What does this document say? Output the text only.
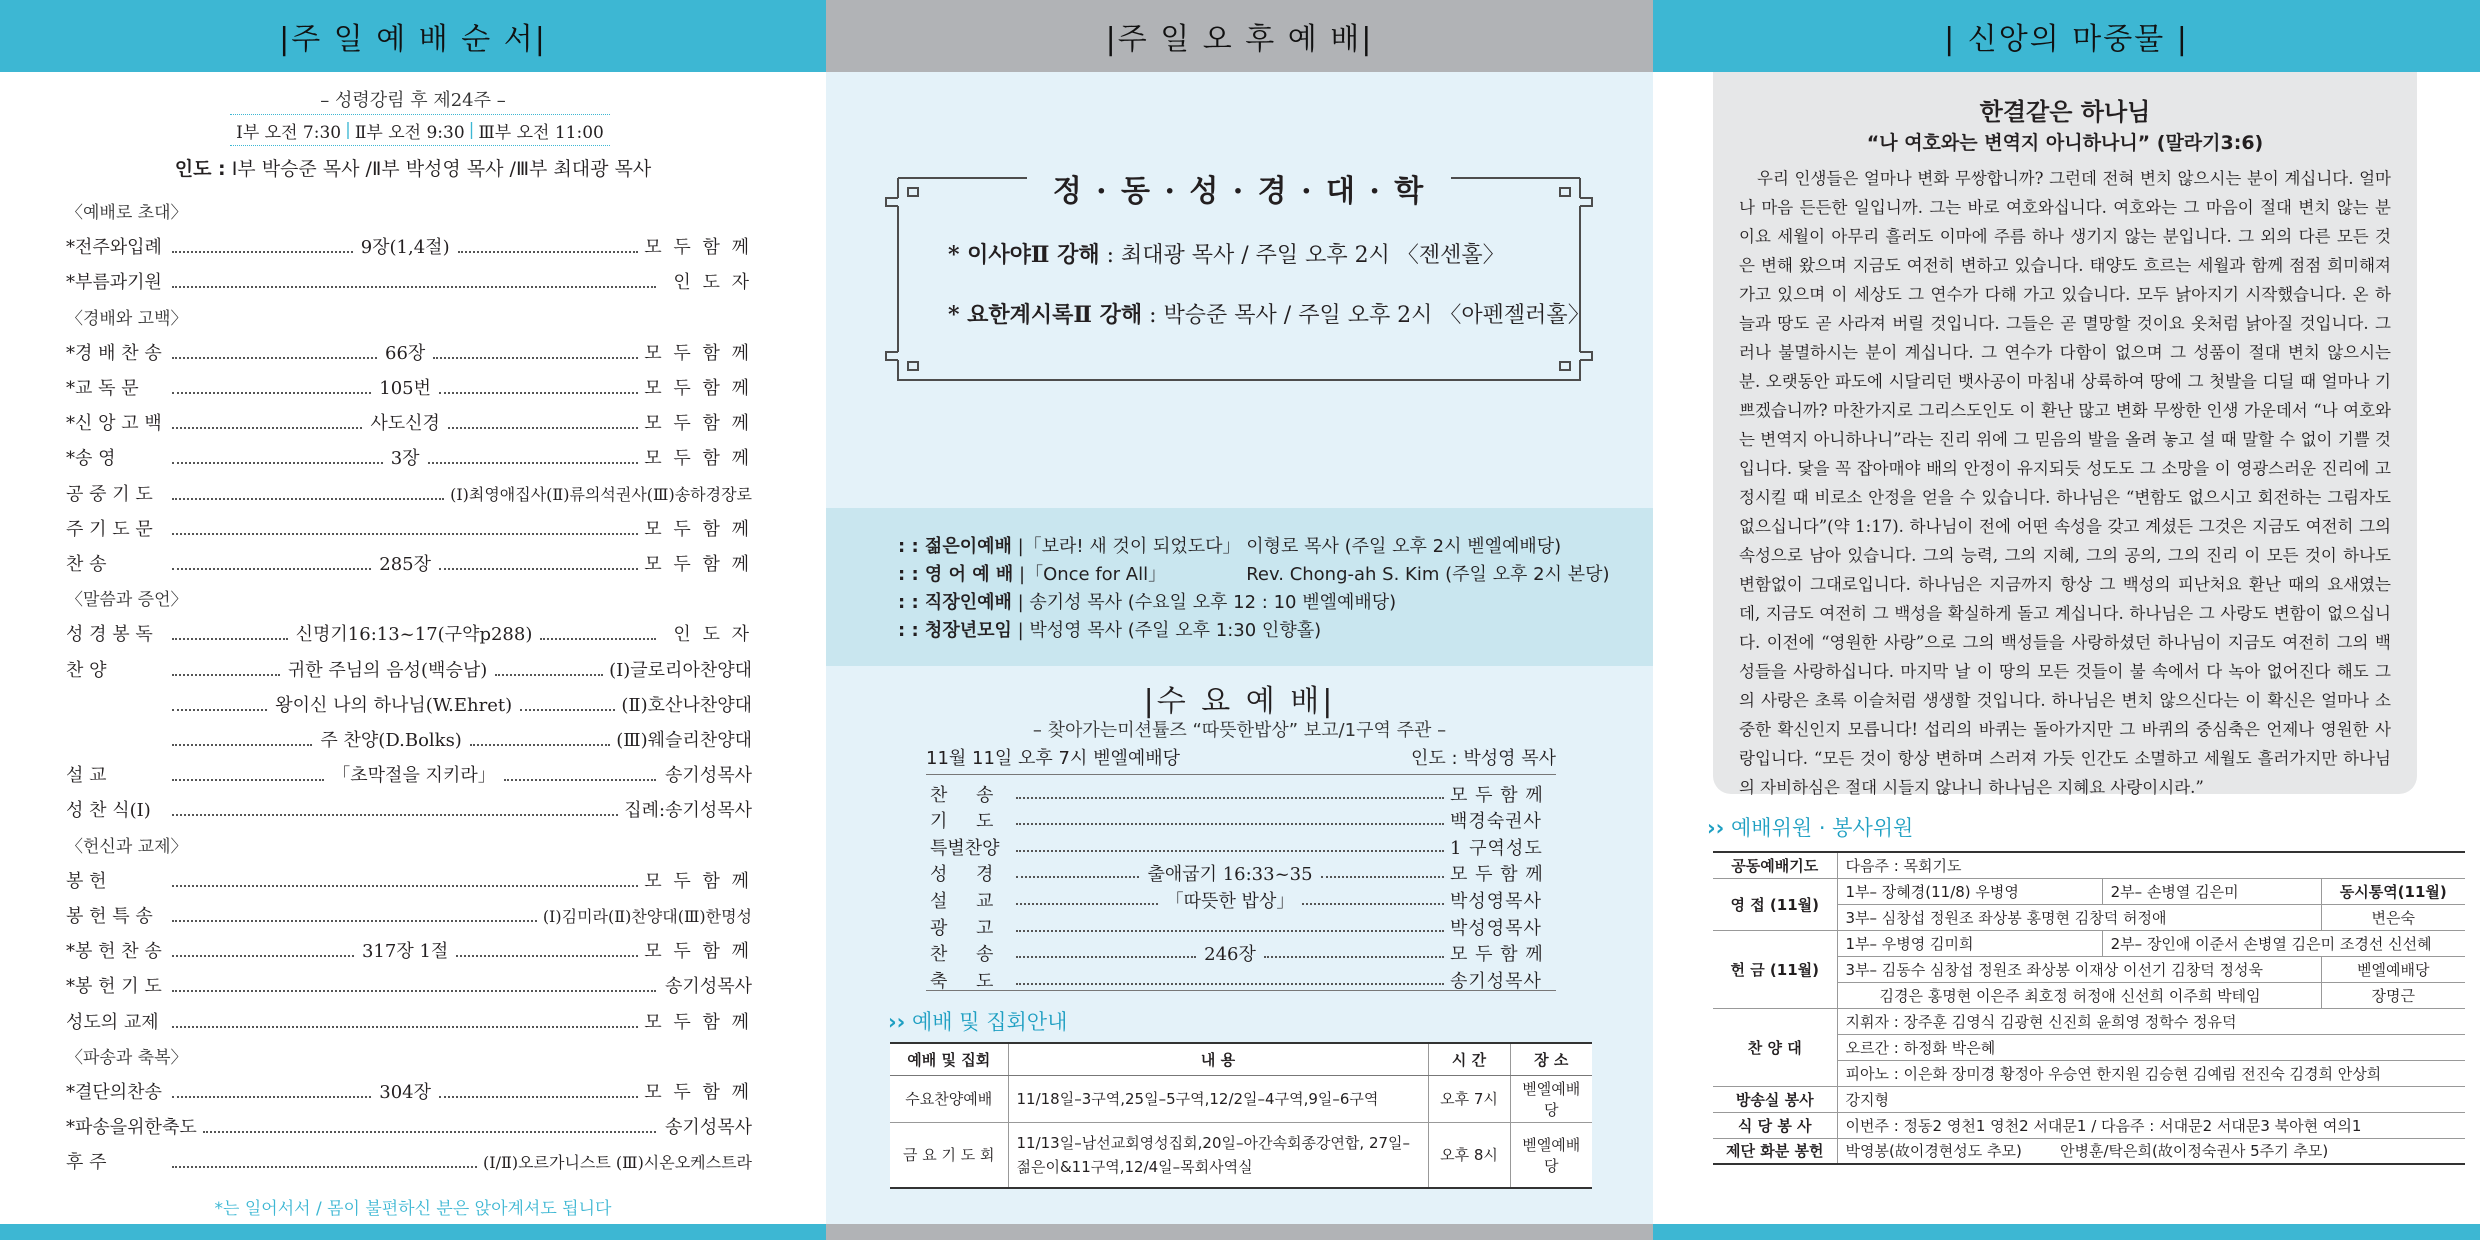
|주 일 예 배 순 서|
– 성령강림 후 제24주 –
Ⅰ부 오전 7:30 | Ⅱ부 오전 9:30 | Ⅲ부 오전 11:00
인도 : Ⅰ부 박승준 목사 /Ⅱ부 박성영 목사 /Ⅲ부 최대광 목사
〈예배로 초대〉
*전주와입례	9장(1,4절)	모 두 함 께
*부름과기원	인 도 자
〈경배와 고백〉
*경 배 찬 송	66장	모 두 함 께
*교 독 문	105번	모 두 함 께
*신 앙 고 백	사도신경	모 두 함 께
*송 영	3장	모 두 함 께
공 중 기 도	(Ⅰ)최영애집사(Ⅱ)류의석권사(Ⅲ)송하경장로
주 기 도 문	모 두 함 께
찬 송	285장	모 두 함 께
〈말씀과 증언〉
성 경 봉 독	신명기16:13~17(구약p288)	인 도 자
찬 양	귀한 주님의 음성(백승남)	(Ⅰ)글로리아찬양대
왕이신 나의 하나님(W.Ehret)	(Ⅱ)호산나찬양대
주 찬양(D.Bolks)	(Ⅲ)웨슬리찬양대
설 교	「초막절을 지키라」	송기성목사
성 찬 식(Ⅰ)	집례:송기성목사
〈헌신과 교제〉
봉 헌	모 두 함 께
봉 헌 특 송	(Ⅰ)김미라(Ⅱ)찬양대(Ⅲ)한명성
*봉 헌 찬 송	317장 1절	모 두 함 께
*봉 헌 기 도	송기성목사
성도의 교제	모 두 함 께
〈파송과 축복〉
*결단의찬송	304장	모 두 함 께
*파송을위한축도	송기성목사
후 주	(Ⅰ/Ⅱ)오르가니스트 (Ⅲ)시온오케스트라
*는 일어서서 / 몸이 불편하신 분은 앉아계셔도 됩니다
|주 일 오 후 예 배|
정 · 동 · 성 · 경 · 대 · 학
* 이사야Ⅱ 강해 : 최대광 목사 / 주일 오후 2시 〈젠센홀〉
* 요한계시록Ⅱ 강해 : 박승준 목사 / 주일 오후 2시 〈아펜젤러홀〉
: : 젊은이예배 |「보라! 새 것이 되었도다」 이형로 목사 (주일 오후 2시 벧엘예배당)
: : 영 어 예 배 |「Once for All」              Rev. Chong-ah S. Kim (주일 오후 2시 본당)
: : 직장인예배 | 송기성 목사 (수요일 오후 12 : 10 벧엘예배당)
: : 청장년모임 | 박성영 목사 (주일 오후 1:30 인향홀)
|수 요 예 배|
– 찾아가는미션튤즈 “따뜻한밥상” 보고/1구역 주관 –
11월 11일 오후 7시 벧엘예배당	인도 : 박성영 목사
찬     송	모 두 함 께
기     도	백경숙권사
특별찬양	1 구역성도
성     경	출애굽기 16:33~35	모 두 함 께
설     교	「따뜻한 밥상」	박성영목사
광     고	박성영목사
찬     송	246장	모 두 함 께
축     도	송기성목사
›› 예배 및 집회안내
예배 및 집회	내 용	시 간	장 소
수요찬양예배	11/18일–3구역,25일–5구역,12/2일–4구역,9일–6구역	오후 7시	벧엘예배당
금 요 기 도 회	11/13일–남선교회영성집회,20일–아간속회종강연합, 27일–젊은이&11구역,12/4일–목회사역실	오후 8시	벧엘예배당
| 신앙의 마중물 |
한결같은 하나님
“나 여호와는 변역지 아니하나니” (말라기3:6)
우리 인생들은 얼마나 변화 무쌍합니까? 그런데 전혀 변치 않으시는 분이 계십니다. 얼마나 마음 든든한 일입니까. 그는 바로 여호와십니다. 여호와는 그 마음이 절대 변치 않는 분이요 세월이 아무리 흘러도 이마에 주름 하나 생기지 않는 분입니다. 그 외의 다른 모든 것은 변해 왔으며 지금도 여전히 변하고 있습니다. 태양도 흐르는 세월과 함께 점점 희미해져 가고 있으며 이 세상도 그 연수가 다해 가고 있습니다. 모두 낡아지기 시작했습니다. 온 하늘과 땅도 곧 사라져 버릴 것입니다. 그들은 곧 멸망할 것이요 옷처럼 낡아질 것입니다. 그러나 불멸하시는 분이 계십니다. 그 연수가 다함이 없으며 그 성품이 절대 변치 않으시는 분. 오랫동안 파도에 시달리던 뱃사공이 마침내 상륙하여 땅에 그 첫발을 디딜 때 얼마나 기쁘겠습니까? 마찬가지로 그리스도인도 이 환난 많고 변화 무쌍한 인생 가운데서 “나 여호와는 변역지 아니하나니”라는 진리 위에 그 믿음의 발을 올려 놓고 설 때 말할 수 없이 기쁠 것입니다. 닻을 꼭 잡아매야 배의 안정이 유지되듯 성도도 그 소망을 이 영광스러운 진리에 고정시킬 때 비로소 안정을 얻을 수 있습니다. 하나님은 “변함도 없으시고 회전하는 그림자도 없으십니다”(약 1:17). 하나님이 전에 어떤 속성을 갖고 계셨든 그것은 지금도 여전히 그의 속성으로 남아 있습니다. 그의 능력, 그의 지혜, 그의 공의, 그의 진리 이 모든 것이 하나도 변함없이 그대로입니다. 하나님은 지금까지 항상 그 백성의 피난처요 환난 때의 요새였는데, 지금도 여전히 그 백성을 확실하게 돌고 계십니다. 하나님은 그 사랑도 변함이 없으십니다. 이전에 “영원한 사랑”으로 그의 백성들을 사랑하셨던 하나님이 지금도 여전히 그의 백성들을 사랑하십니다. 마지막 날 이 땅의 모든 것들이 불 속에서 다 녹아 없어진다 해도 그의 사랑은 초록 이슬처럼 생생할 것입니다. 하나님은 변치 않으신다는 이 확신은 얼마나 소중한 확신인지 모릅니다! 섭리의 바퀴는 돌아가지만 그 바퀴의 중심축은 언제나 영원한 사랑입니다. “모든 것이 항상 변하며 스러져 가듯 인간도 소멸하고 세월도 흘러가지만 하나님의 자비하심은 절대 시들지 않나니 하나님은 지혜요 사랑이시라.”
›› 예배위원 · 봉사위원
공동예배기도	다음주 : 목회기도		
영 접 (11월)	1부– 장혜경(11/8) 우병영	2부– 손병열 김은미	동시통역(11월)
	3부– 심창섭 정원조 좌상봉 홍명현 김창덕 허정애		변은숙
헌 금 (11월)	1부– 우병영 김미희	2부– 장인애 이준서 손병열 김은미 조경선 신선혜	
	3부– 김동수 심창섭 정원조 좌상봉 이재상 이선기 김창덕 정성욱		벧엘예배당
	김경은 홍명현 이은주 최호정 허정애 신선희 이주희 박테임		장명근
찬 양 대	지휘자 : 장주훈 김영식 김광현 신진희 윤희영 정학수 정유덕		
	오르간 : 하정화 박은혜		
	피아노 : 이은화 장미경 황정아 우승연 한지원 김승현 김예림 전진숙 김경희 안상희		
방송실 봉사	강지형		
식 당 봉 사	이번주 : 정동2 영천1 영천2 서대문1 / 다음주 : 서대문2 서대문3 북아현 여의1		
제단 화분 봉헌	박영봉(故이경현성도 추모)        안병훈/탁은희(故이정숙권사 5주기 추모)		
